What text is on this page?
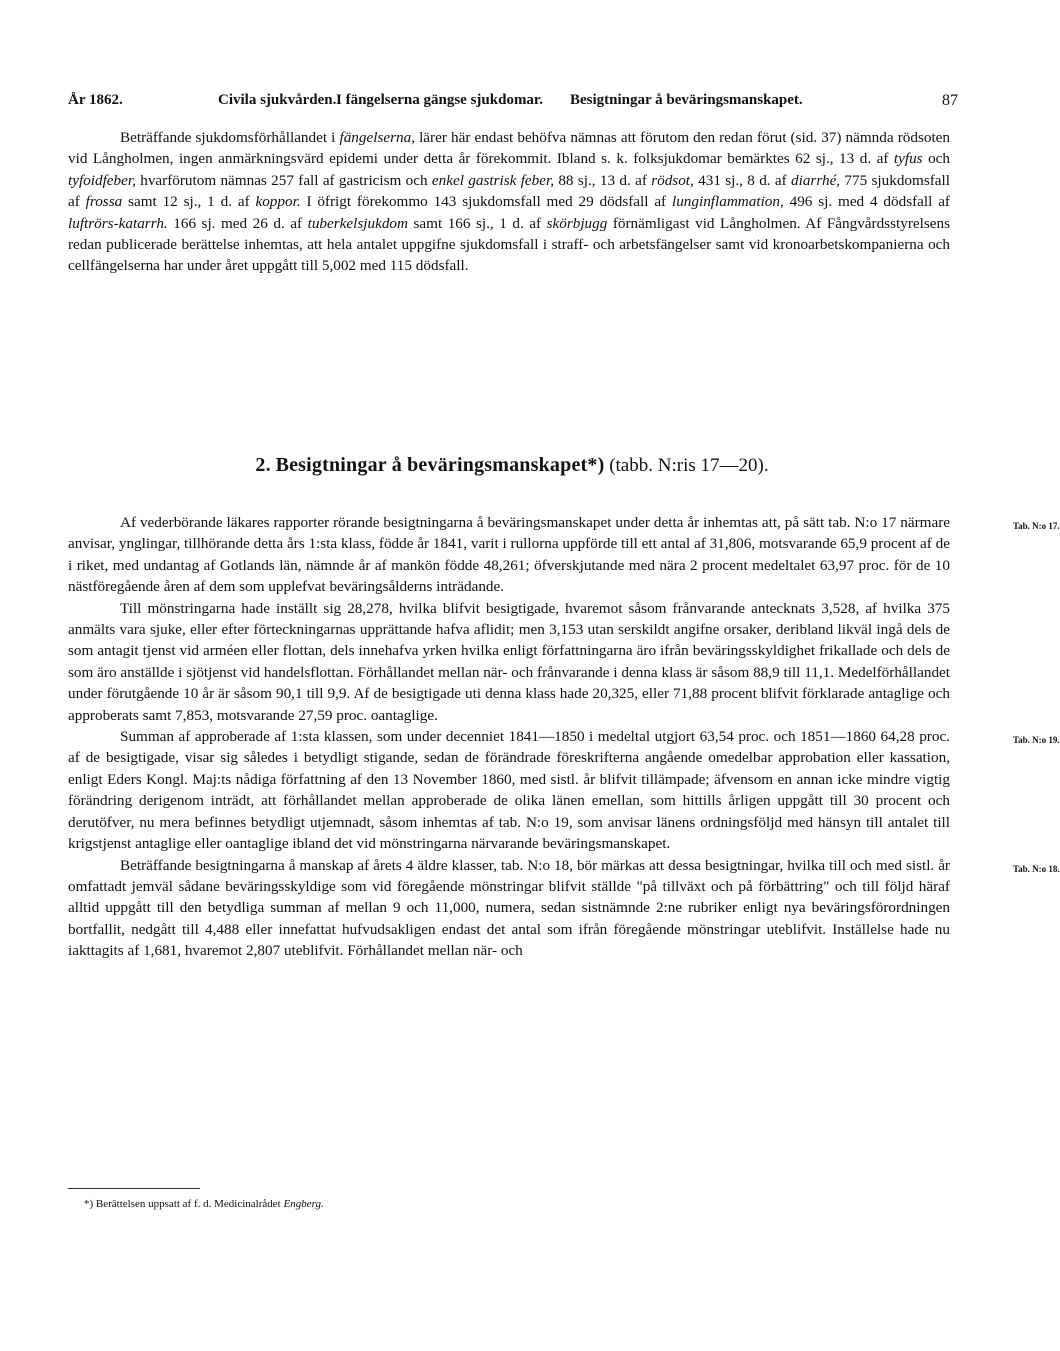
År 1862.	Civila sjukvården. I fängelserna gängse sjukdomar. Besigtningar å beväringsmanskapet.	87

Beträffande sjukdomsförhållandet i fängelserna, lärer här endast behöfva nämnas att förutom den redan förut (sid. 37) nämnda rödsoten vid Långholmen, ingen anmärkningsvärd epidemi under detta år förekommit. Ibland s. k. folksjukdomar bemärktes 62 sj., 13 d. af tyfus och tyfoidfeber, hvarförutom nämnas 257 fall af gastricism och enkel gastrisk feber, 88 sj., 13 d. af rödsot, 431 sj., 8 d. af diarrhé, 775 sjukdomsfall af frossa samt 12 sj., 1 d. af koppor. I öfrigt förekommo 143 sjukdomsfall med 29 dödsfall af lunginflammation, 496 sj. med 4 dödsfall af luftrörs-katarrh. 166 sj. med 26 d. af tuberkelsjukdom samt 166 sj., 1 d. af skörbjugg förnämligast vid Långholmen. Af Fångvårdsstyrelsens redan publicerade berättelse inhemtas, att hela antalet uppgifne sjukdomsfall i straff- och arbetsfängelser samt vid kronoarbetskompanierna och cellfängelserna har under året uppgått till 5,002 med 115 dödsfall.

2. Besigtningar å beväringsmanskapet*) (tabb. N:ris 17—20).

Tab. N:o 17.
Af vederbörande läkares rapporter rörande besigtningarna å beväringsmanskapet under detta år inhemtas att, på sätt tab. N:o 17 närmare anvisar, ynglingar, tillhörande detta års 1:sta klass, födde år 1841, varit i rullorna uppförde till ett antal af 31,806, motsvarande 65,9 procent af de i riket, med undantag af Gotlands län, nämnde år af mankön födde 48,261; öfverskjutande med nära 2 procent medeltalet 63,97 proc. för de 10 nästföregående åren af dem som upplefvat beväringsålderns inträdande.

Till mönstringarna hade inställt sig 28,278, hvilka blifvit besigtigade, hvaremot såsom frånvarande antecknats 3,528, af hvilka 375 anmälts vara sjuke, eller efter förteckningarnas upprättande hafva aflidit; men 3,153 utan serskildt angifne orsaker, deribland likväl ingå dels de som antagit tjenst vid arméen eller flottan, dels innehafva yrken hvilka enligt författningarna äro ifrån beväringsskyldighet frikallade och dels de som äro anställde i sjötjenst vid handelsflottan. Förhållandet mellan när- och frånvarande i denna klass är såsom 88,9 till 11,1. Medelförhållandet under förutgående 10 år är såsom 90,1 till 9,9. Af de besigtigade uti denna klass hade 20,325, eller 71,88 procent blifvit förklarade antaglige och approberats samt 7,853, motsvarande 27,59 proc. oantaglige.

Tab. N:o 19.
Summan af approberade af 1:sta klassen, som under decenniet 1841—1850 i medeltal utgjort 63,54 proc. och 1851—1860 64,28 proc. af de besigtigade, visar sig således i betydligt stigande, sedan de förändrade föreskrifterna angående omedelbar approbation eller kassation, enligt Eders Kongl. Maj:ts nådiga författning af den 13 November 1860, med sistl. år blifvit tillämpade; äfvensom en annan icke mindre vigtig förändring derigenom inträdt, att förhållandet mellan approberade de olika länen emellan, som hittills årligen uppgått till 30 procent och derutöfver, nu mera befinnes betydligt utjemnadt, såsom inhemtas af tab. N:o 19, som anvisar länens ordningsföljd med hänsyn till antalet till krigstjenst antaglige eller oantaglige ibland det vid mönstringarna närvarande beväringsmanskapet.

Tab. N:o 18.
Beträffande besigtningarna å manskap af årets 4 äldre klasser, tab. N:o 18, bör märkas att dessa besigtningar, hvilka till och med sistl. år omfattadt jemväl sådane beväringsskyldige som vid föregående mönstringar blifvit ställde "på tillväxt och på förbättring" och till följd häraf alltid uppgått till den betydliga summan af mellan 9 och 11,000, numera, sedan sistnämnde 2:ne rubriker enligt nya beväringsförordningen bortfallit, nedgått till 4,488 eller innefattat hufvudsakligen endast det antal som ifrån föregående mönstringar uteblifvit. Inställelse hade nu iakttagits af 1,681, hvaremot 2,807 uteblifvit. Förhållandet mellan när- och

*) Berättelsen uppsatt af f. d. Medicinalrådet Engberg.
